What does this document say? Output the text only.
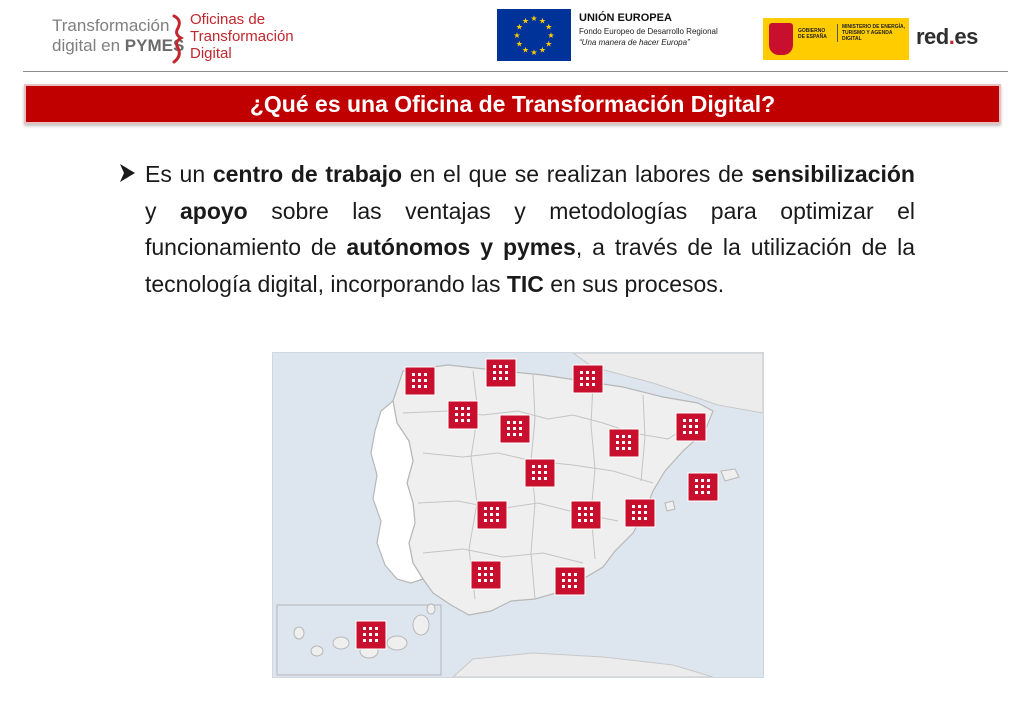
Transformación
digital en PYMES
Oficinas de
Transformación
Digital
★
★
★
★
★
★
★
★
★ ★ ★
★
UNIÓN EUROPEA
Fondo Europeo de Desarrollo Regional
“Una manera de hacer Europa”
GOBIERNO DE ESPAÑA
MINISTERIO DE ENERGÍA, TURISMO Y AGENDA DIGITAL	red.es
¿Qué es una Oficina de Transformación Digital?
Es un centro de trabajo en el que se realizan labores de sensibilización y apoyo sobre las ventajas y metodologías para optimizar el funcionamiento de autónomos y pymes, a través de la utilización de la tecnología digital, incorporando las TIC en sus procesos.
